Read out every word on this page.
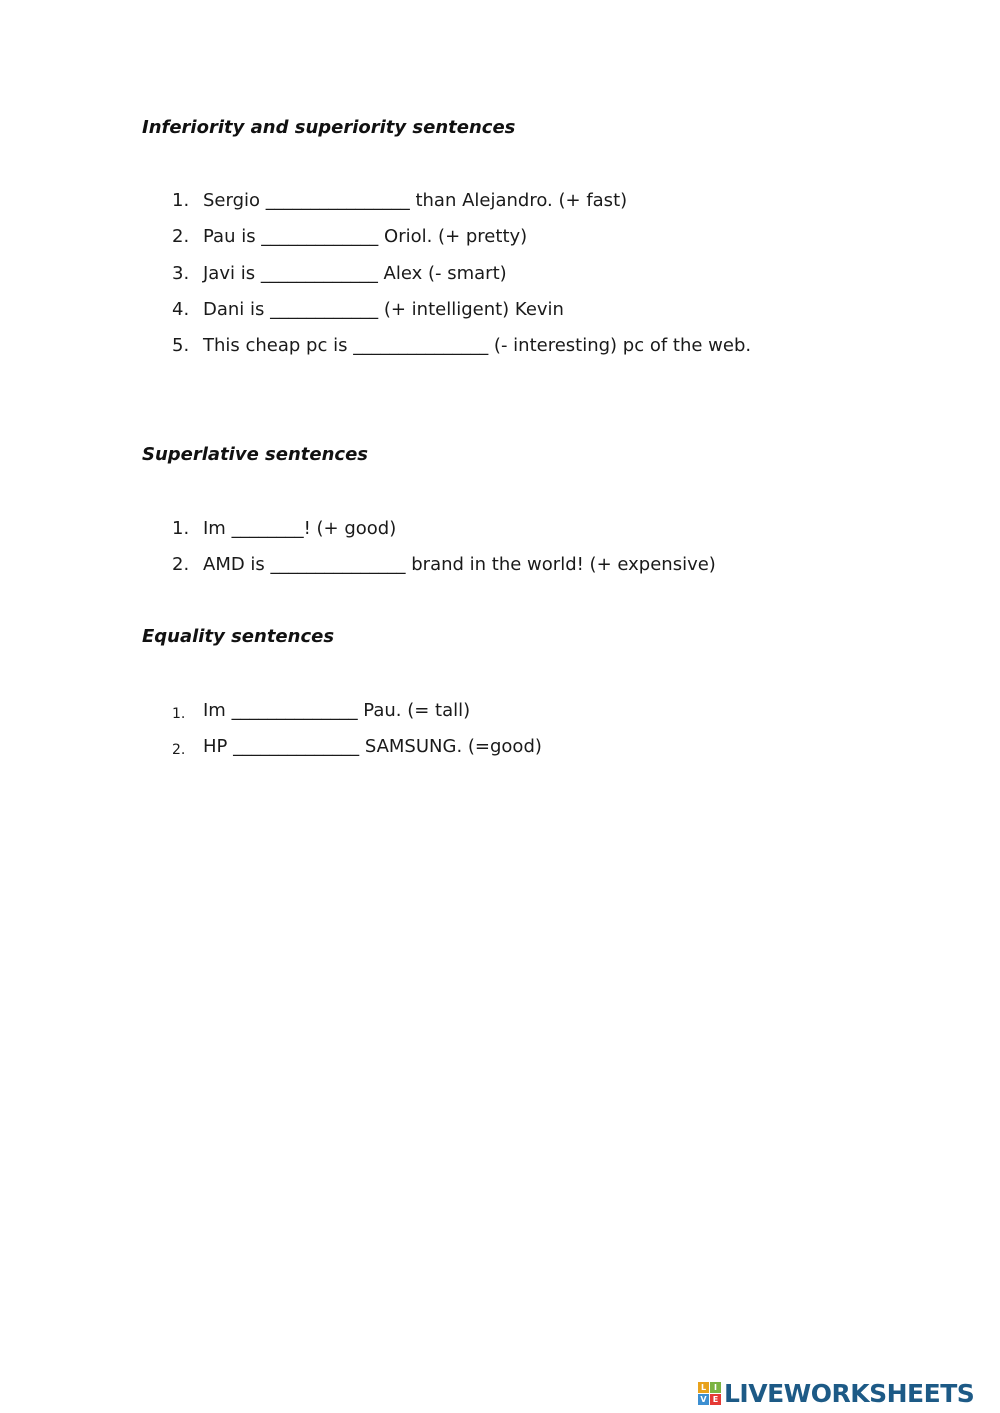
Inferiority and superiority sentences
1. Sergio ________________ than Alejandro. (+ fast)
2. Pau is _____________ Oriol. (+ pretty)
3. Javi is _____________ Alex (- smart)
4. Dani is ____________ (+ intelligent) Kevin
5. This cheap pc is _______________ (- interesting) pc of the web.
Superlative sentences
1. Im ________! (+ good)
2. AMD is _______________ brand in the world! (+ expensive)
Equality sentences
1. Im ______________ Pau. (= tall)
2. HP ______________ SAMSUNG. (=good)
L I
V E LIVEWORKSHEETS
